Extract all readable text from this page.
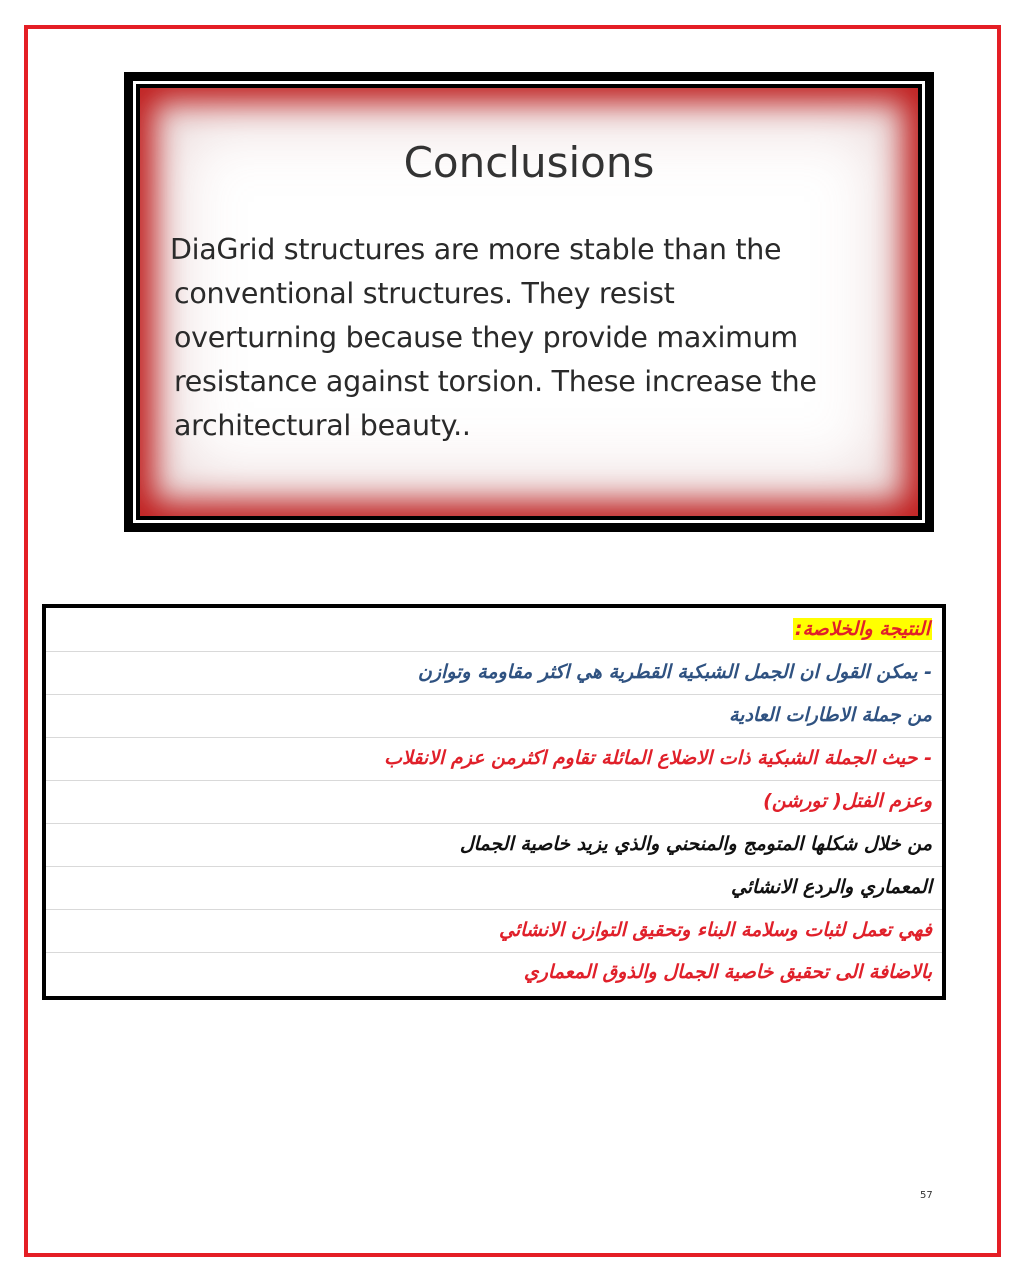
Conclusions
DiaGrid structures are more stable than the
conventional structures. They resist
overturning because they provide maximum
resistance against torsion. These increase the
architectural beauty..
النتيجة والخلاصة:
- يمكن القول ان الجمل الشبكية القطرية هي اكثر مقاومة وتوازن
من جملة الاطارات العادية
- حيث الجملة الشبكية ذات الاضلاع المائلة تقاوم اكثرمن عزم الانقلاب
وعزم الفتل( تورشن)
من خلال شكلها المتومج والمنحني والذي يزيد خاصية الجمال
المعماري والردع الانشائي
فهي تعمل لثبات وسلامة البناء وتحقيق التوازن الانشائي
بالاضافة الى تحقيق خاصية الجمال والذوق المعماري
57
